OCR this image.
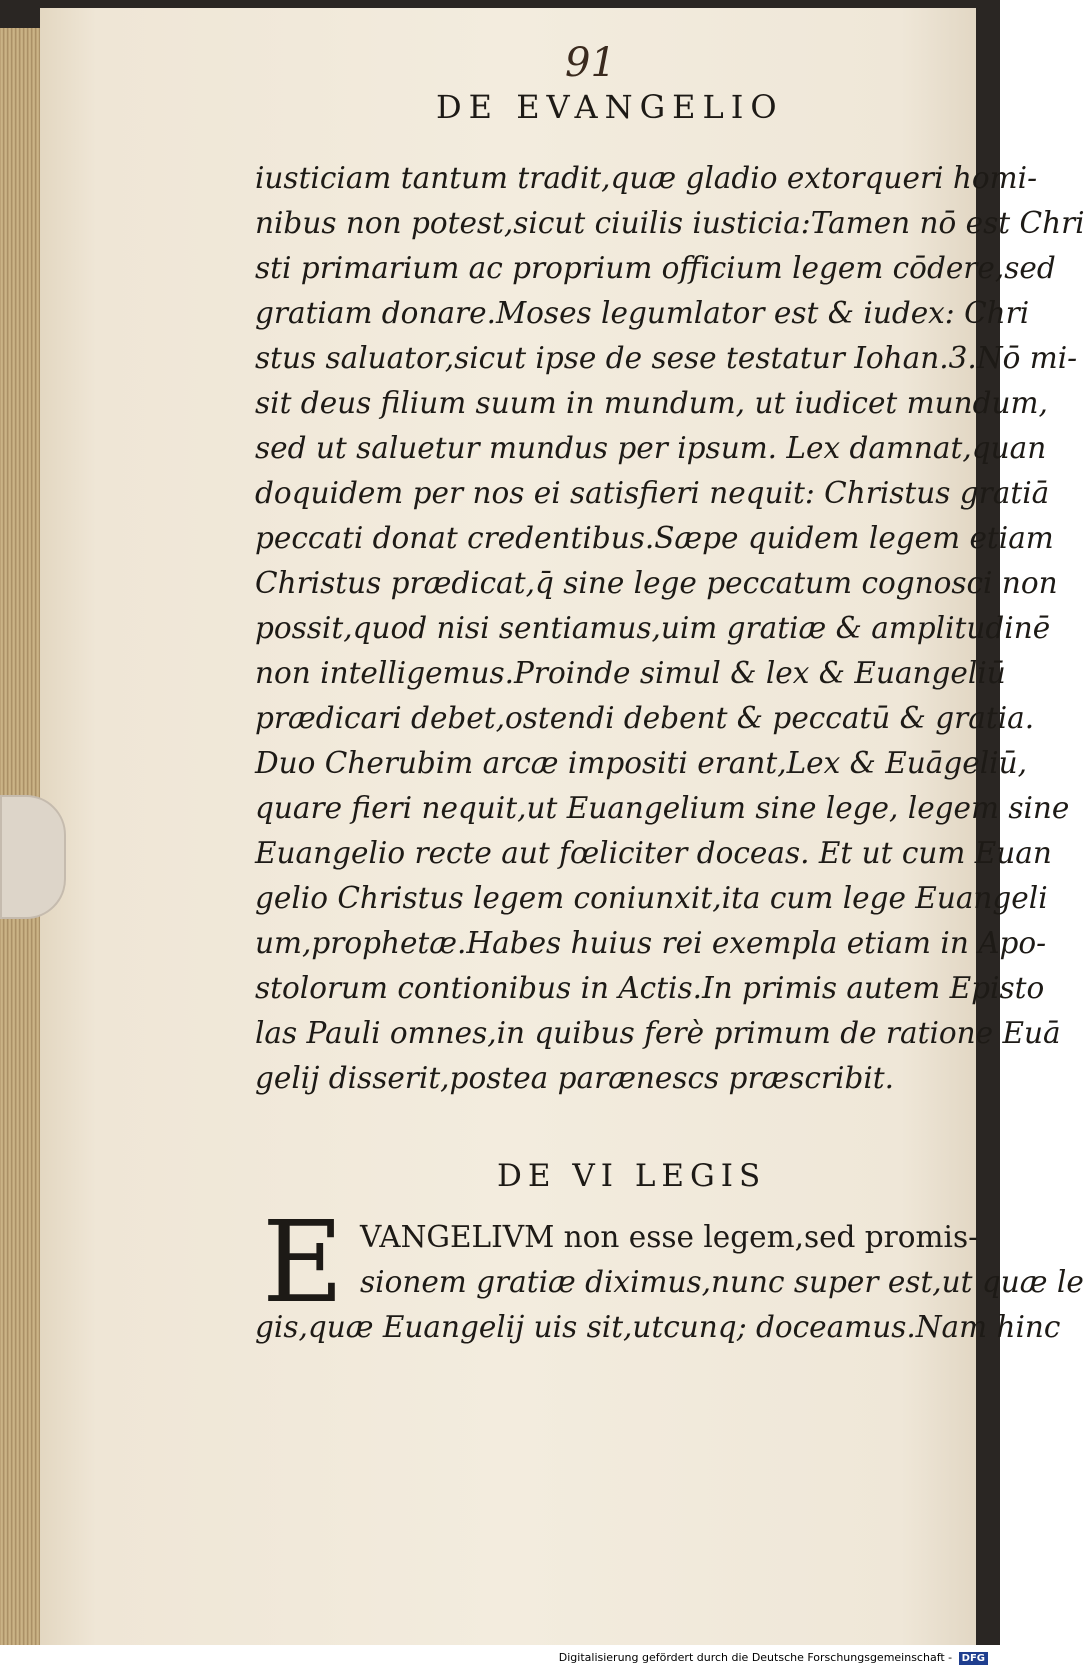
91
DE EVANGELIO
iusticiam tantum tradit,quæ gladio extorqueri homi-
nibus non potest,sicut ciuilis iusticia:Tamen nō est Chri
sti primarium ac proprium officium legem cōdere,sed
gratiam donare.Moses legumlator est & iudex: Chri
stus saluator,sicut ipse de sese testatur Iohan.3.Nō mi-
sit deus filium suum in mundum, ut iudicet mundum,
sed ut saluetur mundus per ipsum. Lex damnat,quan
doquidem per nos ei satisfieri nequit: Christus gratiā
peccati donat credentibus.Sæpe quidem legem etiam
Christus prædicat,q̄ sine lege peccatum cognosci non
possit,quod nisi sentiamus,uim gratiæ & amplitudinē
non intelligemus.Proinde simul & lex & Euangeliū
prædicari debet,ostendi debent & peccatū & gratia.
Duo Cherubim arcæ impositi erant,Lex & Euāgeliū,
quare fieri nequit,ut Euangelium sine lege, legem sine
Euangelio recte aut fœliciter doceas. Et ut cum Euan
gelio Christus legem coniunxit,ita cum lege Euangeli
um,prophetæ.Habes huius rei exempla etiam in Apo-
stolorum contionibus in Actis.In primis autem Episto
las Pauli omnes,in quibus ferè primum de ratione Euā
gelij disserit,postea parænescs præscribit.
DE VI LEGIS
E VANGELIVM non esse legem,sed promis-
sionem gratiæ diximus,nunc super est,ut quæ le
gis,quæ Euangelij uis sit,utcunq; doceamus.Nam hinc
Digitalisierung gefördert durch die Deutsche Forschungsgemeinschaft - DFG
